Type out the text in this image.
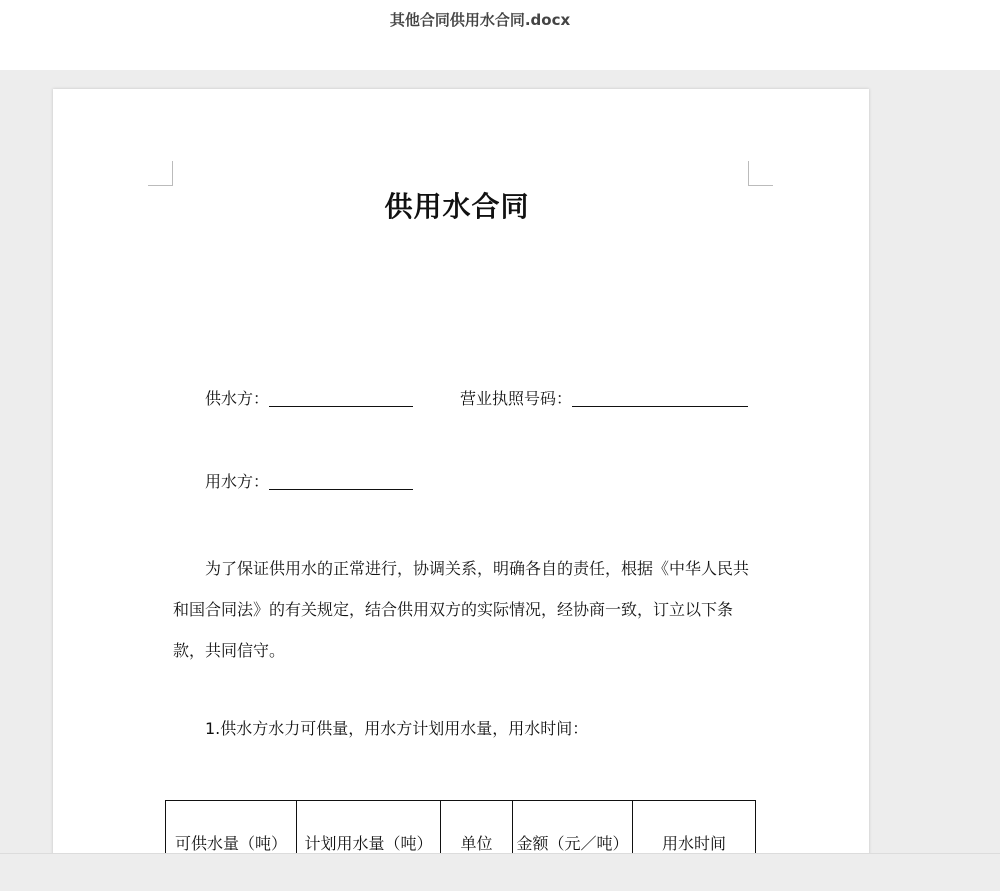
其他合同供用水合同.docx
供用水合同
供水方：	营业执照号码：
用水方：
为了保证供用水的正常进行，协调关系，明确各自的责任，根据《中华人民共和国合同法》的有关规定，结合供用双方的实际情况，经协商一致，订立以下条款，共同信守。
1.供水方水力可供量，用水方计划用水量，用水时间：
可供水量（吨）	计划用水量（吨）	单位	金额（元／吨）	用水时间
